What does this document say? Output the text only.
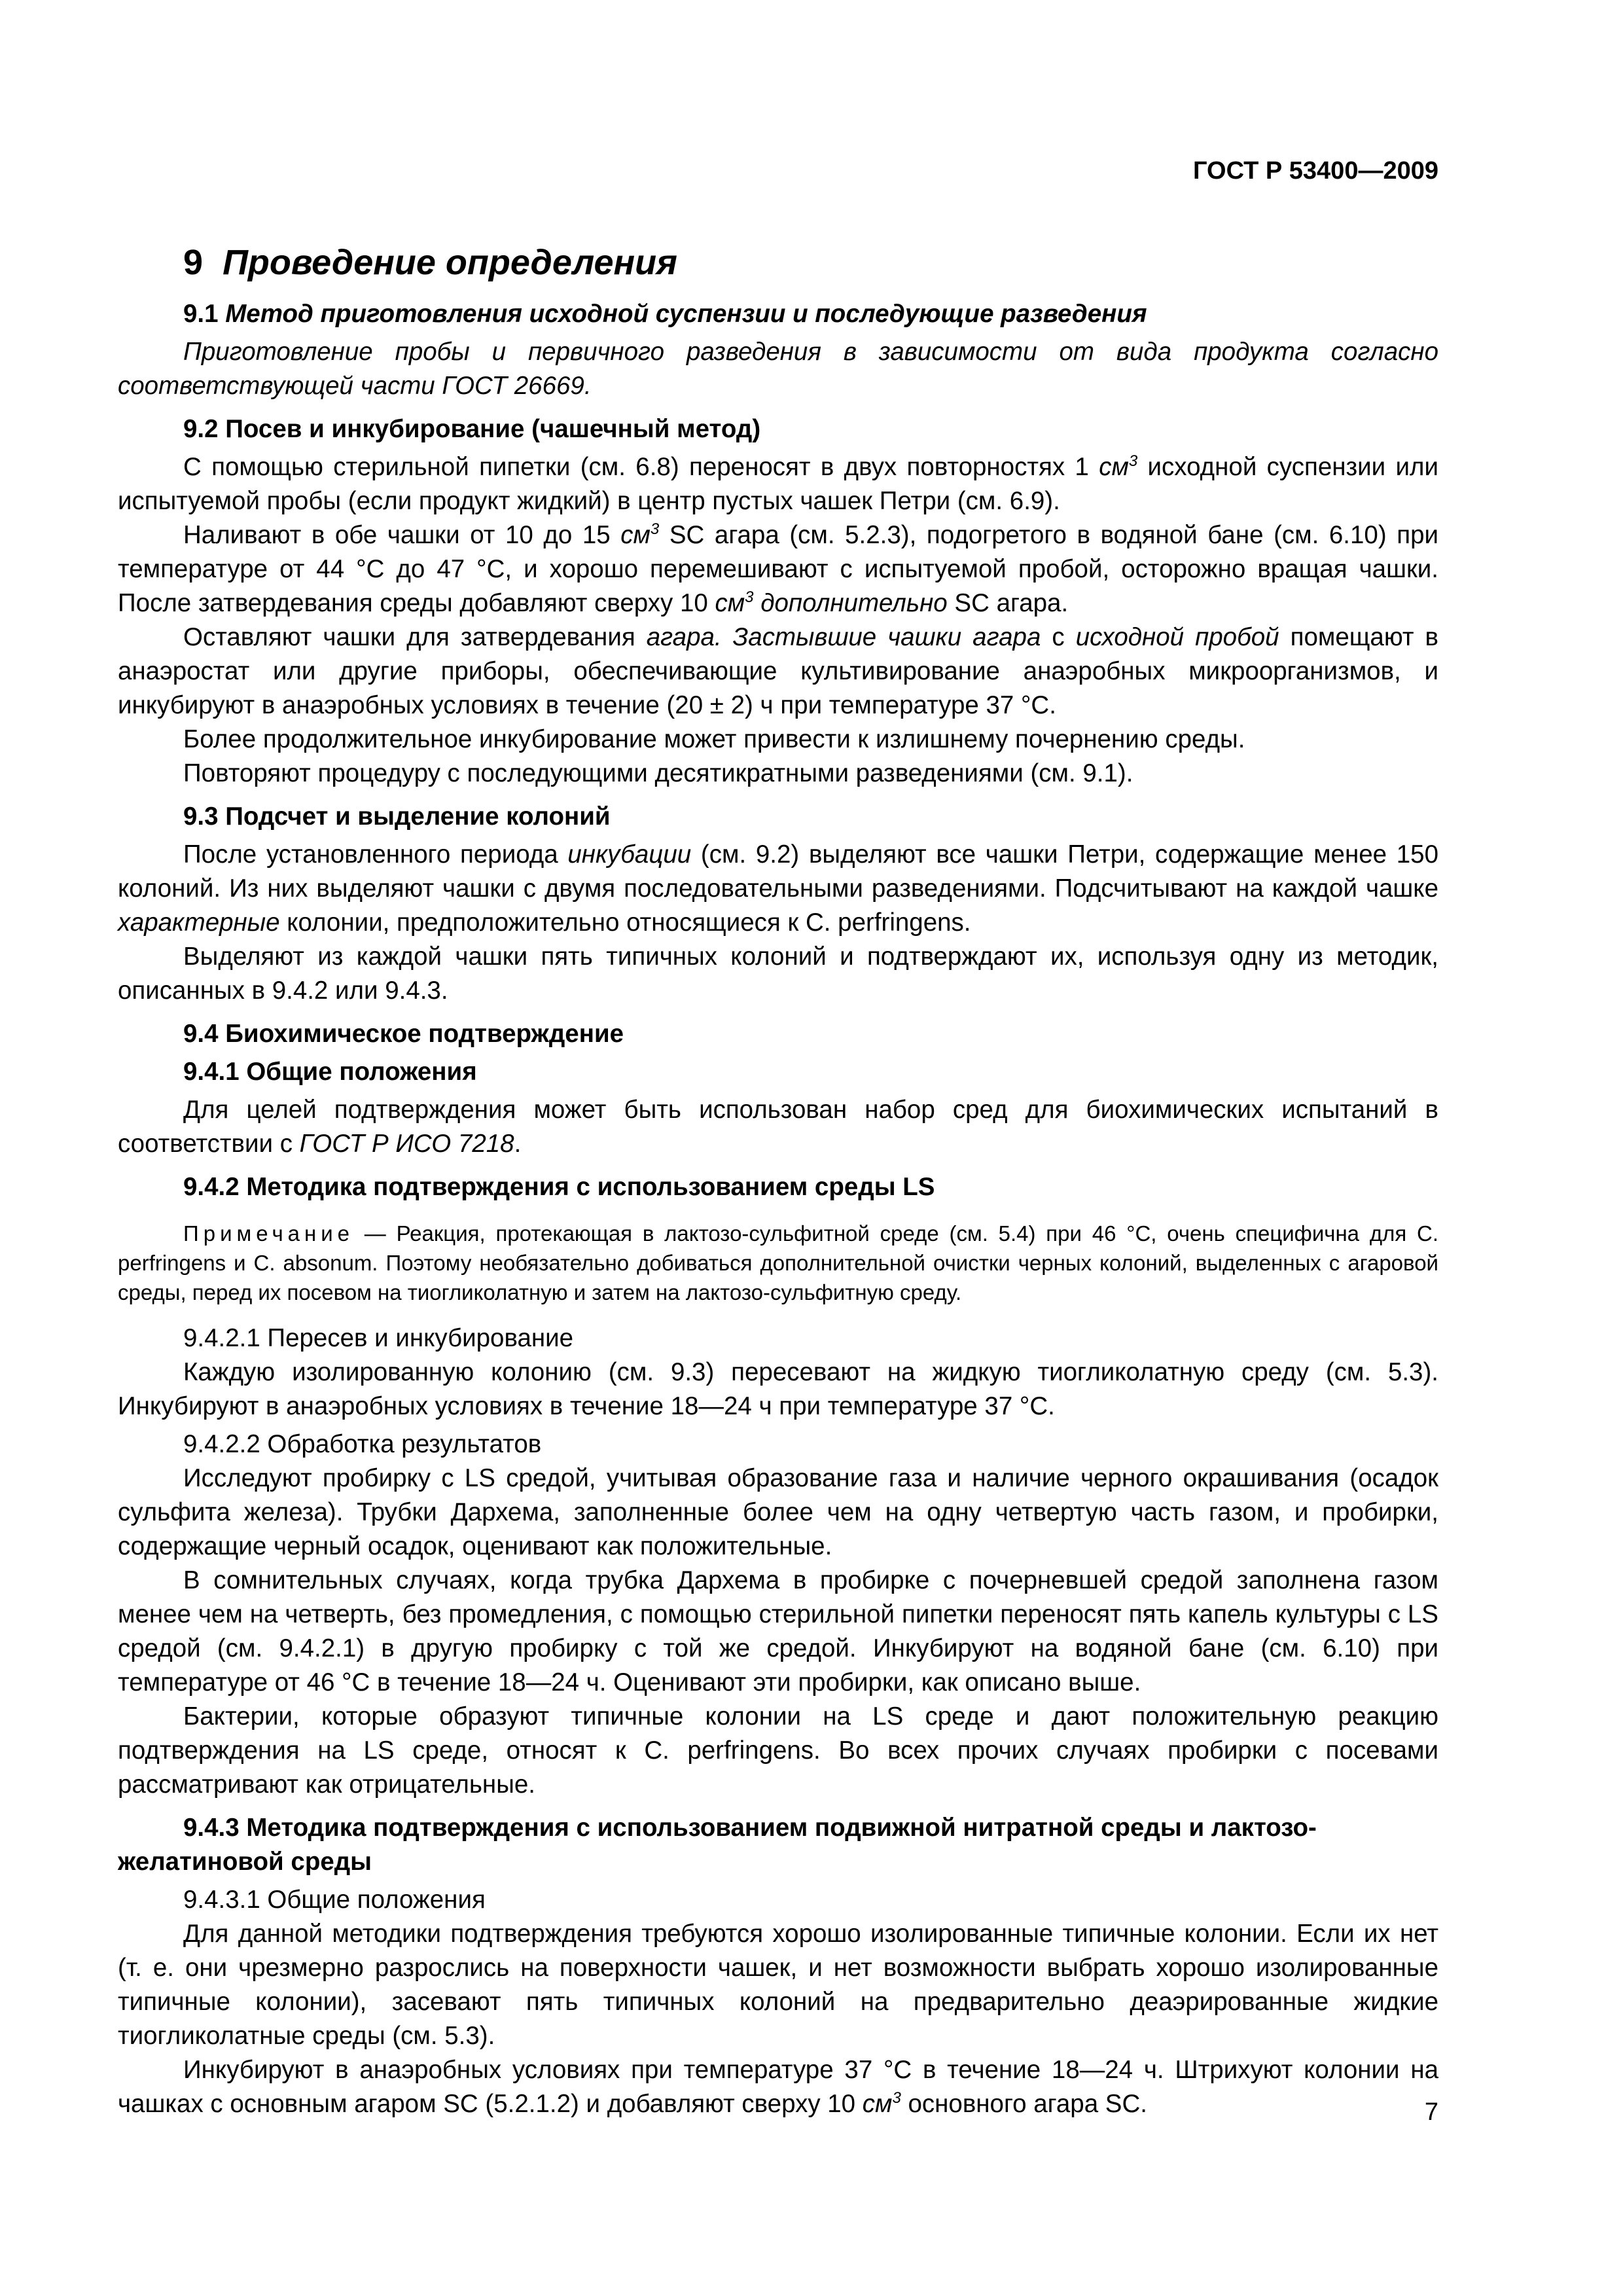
ГОСТ Р 53400—2009
9 Проведение определения
9.1 Метод приготовления исходной суспензии и последующие разведения

Приготовление пробы и первичного разведения в зависимости от вида продукта согласно соответствующей части ГОСТ 26669.

9.2 Посев и инкубирование (чашечный метод)

С помощью стерильной пипетки (см. 6.8) переносят в двух повторностях 1 $см^3$ исходной суспензии или испытуемой пробы (если продукт жидкий) в центр пустых чашек Петри (см. 6.9).

Наливают в обе чашки от 10 до 15 $см^3$ SC агара (см. 5.2.3), подогретого в водяной бане (см. 6.10) при температуре от 44 °С до 47 °С, и хорошо перемешивают с испытуемой пробой, осторожно вращая чашки. После затвердевания среды добавляют сверху 10 $см^3$ дополнительно SC агара.

Оставляют чашки для затвердевания агара. Застывшие чашки агара с исходной пробой помещают в анаэростат или другие приборы, обеспечивающие культивирование анаэробных микроорганизмов, и инкубируют в анаэробных условиях в течение (20 ± 2) ч при температуре 37 °С.

Более продолжительное инкубирование может привести к излишнему почернению среды.

Повторяют процедуру с последующими десятикратными разведениями (см. 9.1).

9.3 Подсчет и выделение колоний

После установленного периода инкубации (см. 9.2) выделяют все чашки Петри, содержащие менее 150 колоний. Из них выделяют чашки с двумя последовательными разведениями. Подсчитывают на каждой чашке характерные колонии, предположительно относящиеся к C. perfringens.

Выделяют из каждой чашки пять типичных колоний и подтверждают их, используя одну из методик, описанных в 9.4.2 или 9.4.3.

9.4 Биохимическое подтверждение
9.4.1 Общие положения

Для целей подтверждения может быть использован набор сред для биохимических испытаний в соответствии с ГОСТ Р ИСО 7218.

9.4.2 Методика подтверждения с использованием среды LS

Примечание — Реакция, протекающая в лактозо-сульфитной среде (см. 5.4) при 46 °С, очень специфична для C. perfringens и C. absonum. Поэтому необязательно добиваться дополнительной очистки черных колоний, выделенных с агаровой среды, перед их посевом на тиогликолатную и затем на лактозо-сульфитную среду.

9.4.2.1 Пересев и инкубирование

Каждую изолированную колонию (см. 9.3) пересевают на жидкую тиогликолатную среду (см. 5.3). Инкубируют в анаэробных условиях в течение 18—24 ч при температуре 37 °С.

9.4.2.2 Обработка результатов

Исследуют пробирку с LS средой, учитывая образование газа и наличие черного окрашивания (осадок сульфита железа). Трубки Дархема, заполненные более чем на одну четвертую часть газом, и пробирки, содержащие черный осадок, оценивают как положительные.

В сомнительных случаях, когда трубка Дархема в пробирке с почерневшей средой заполнена газом менее чем на четверть, без промедления, с помощью стерильной пипетки переносят пять капель культуры с LS средой (см. 9.4.2.1) в другую пробирку с той же средой. Инкубируют на водяной бане (см. 6.10) при температуре от 46 °С в течение 18—24 ч. Оценивают эти пробирки, как описано выше.

Бактерии, которые образуют типичные колонии на LS среде и дают положительную реакцию подтверждения на LS среде, относят к C. perfringens. Во всех прочих случаях пробирки с посевами рассматривают как отрицательные.

9.4.3 Методика подтверждения с использованием подвижной нитратной среды и лактозо-желатиновой среды

9.4.3.1 Общие положения

Для данной методики подтверждения требуются хорошо изолированные типичные колонии. Если их нет (т. е. они чрезмерно разрослись на поверхности чашек, и нет возможности выбрать хорошо изолированные типичные колонии), засевают пять типичных колоний на предварительно деаэрированные жидкие тиогликолатные среды (см. 5.3).

Инкубируют в анаэробных условиях при температуре 37 °С в течение 18—24 ч. Штрихуют колонии на чашках с основным агаром SC (5.2.1.2) и добавляют сверху 10 $см^3$ основного агара SC.	7
